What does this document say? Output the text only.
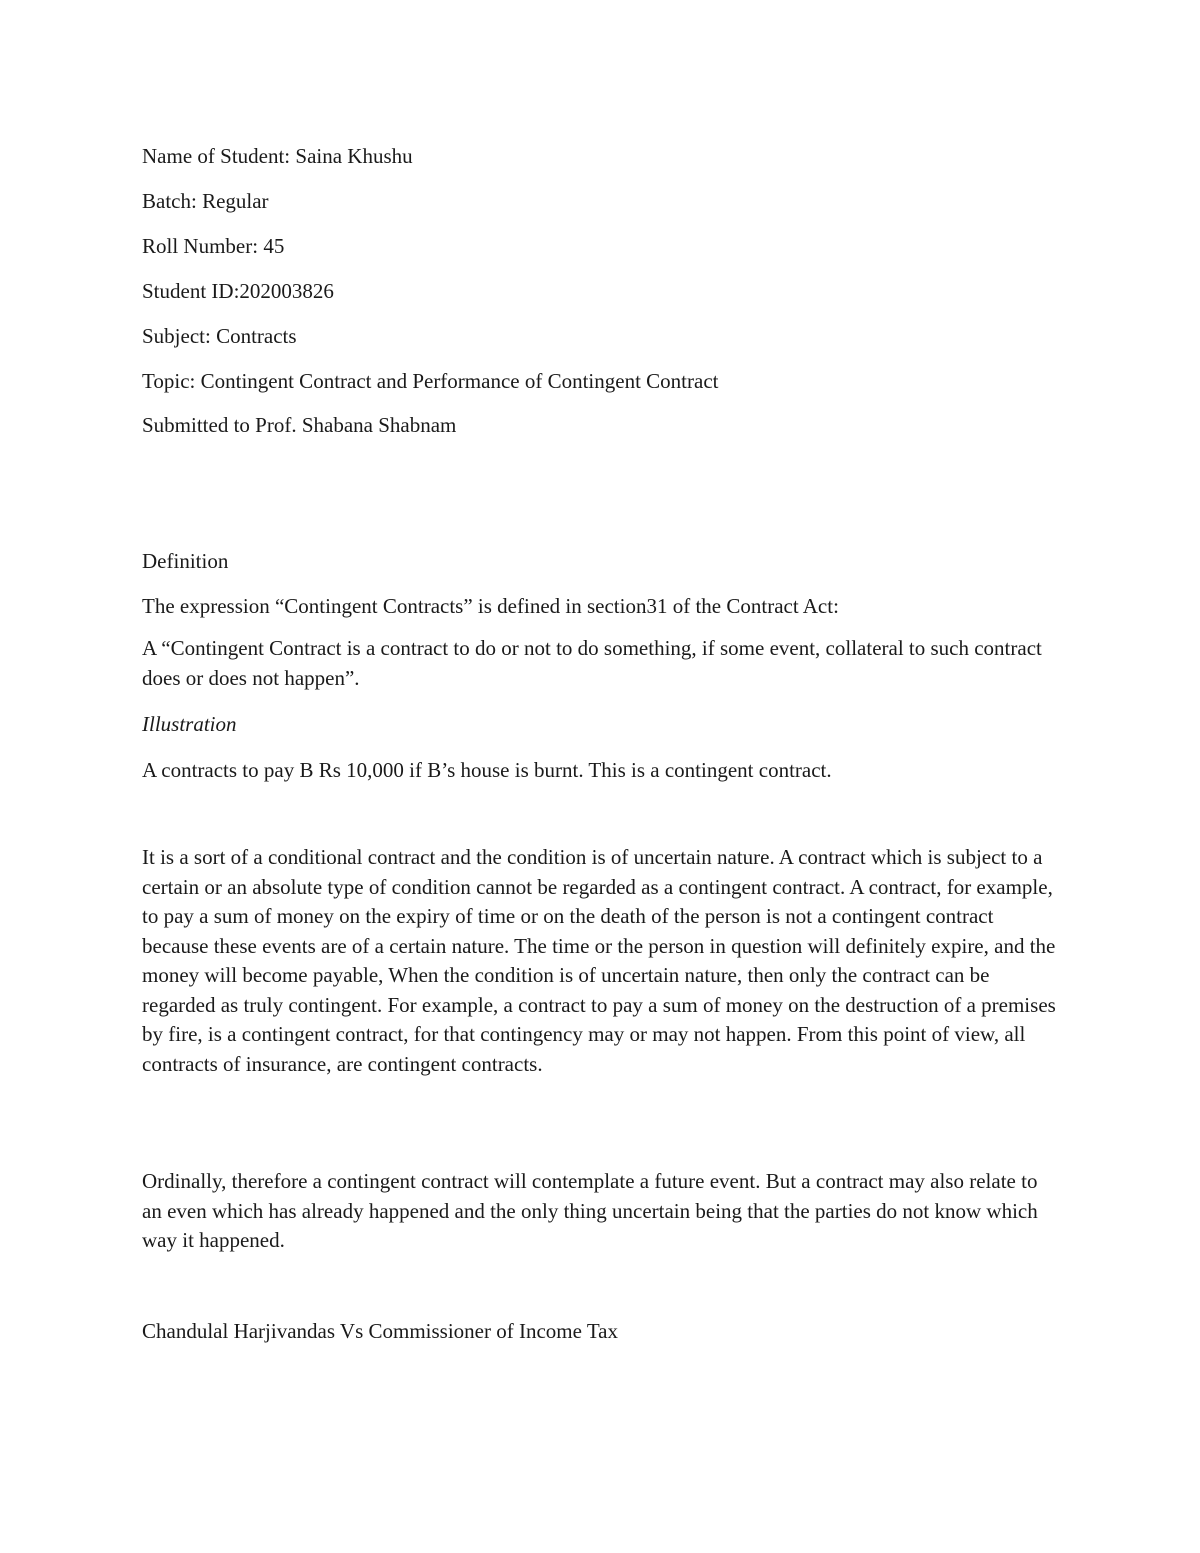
Name of Student: Saina Khushu
Batch: Regular
Roll Number: 45
Student ID:202003826
Subject: Contracts
Topic: Contingent Contract and Performance of Contingent Contract
Submitted to Prof. Shabana Shabnam
Definition
The expression “Contingent Contracts” is defined in section31 of the Contract Act:
A “Contingent Contract is a contract to do or not to do something, if some event, collateral to such contract does or does not happen”.
Illustration
A contracts to pay B Rs 10,000 if B’s house is burnt. This is a contingent contract.
It is a sort of a conditional contract and the condition is of uncertain nature. A contract which is subject to a certain or an absolute type of condition cannot be regarded as a contingent contract. A contract, for example, to pay a sum of money on the expiry of time or on the death of the person is not a contingent contract because these events are of a certain nature. The time or the person in question will definitely expire, and the money will become payable, When the condition is of uncertain nature, then only the contract can be regarded as truly contingent. For example, a contract to pay a sum of money on the destruction of a premises by fire, is a contingent contract, for that contingency may or may not happen. From this point of view, all contracts of insurance, are contingent contracts.
Ordinally, therefore a contingent contract will contemplate a future event. But a contract may also relate to an even which has already happened and the only thing uncertain being that the parties do not know which way it happened.
Chandulal Harjivandas Vs Commissioner of Income Tax
